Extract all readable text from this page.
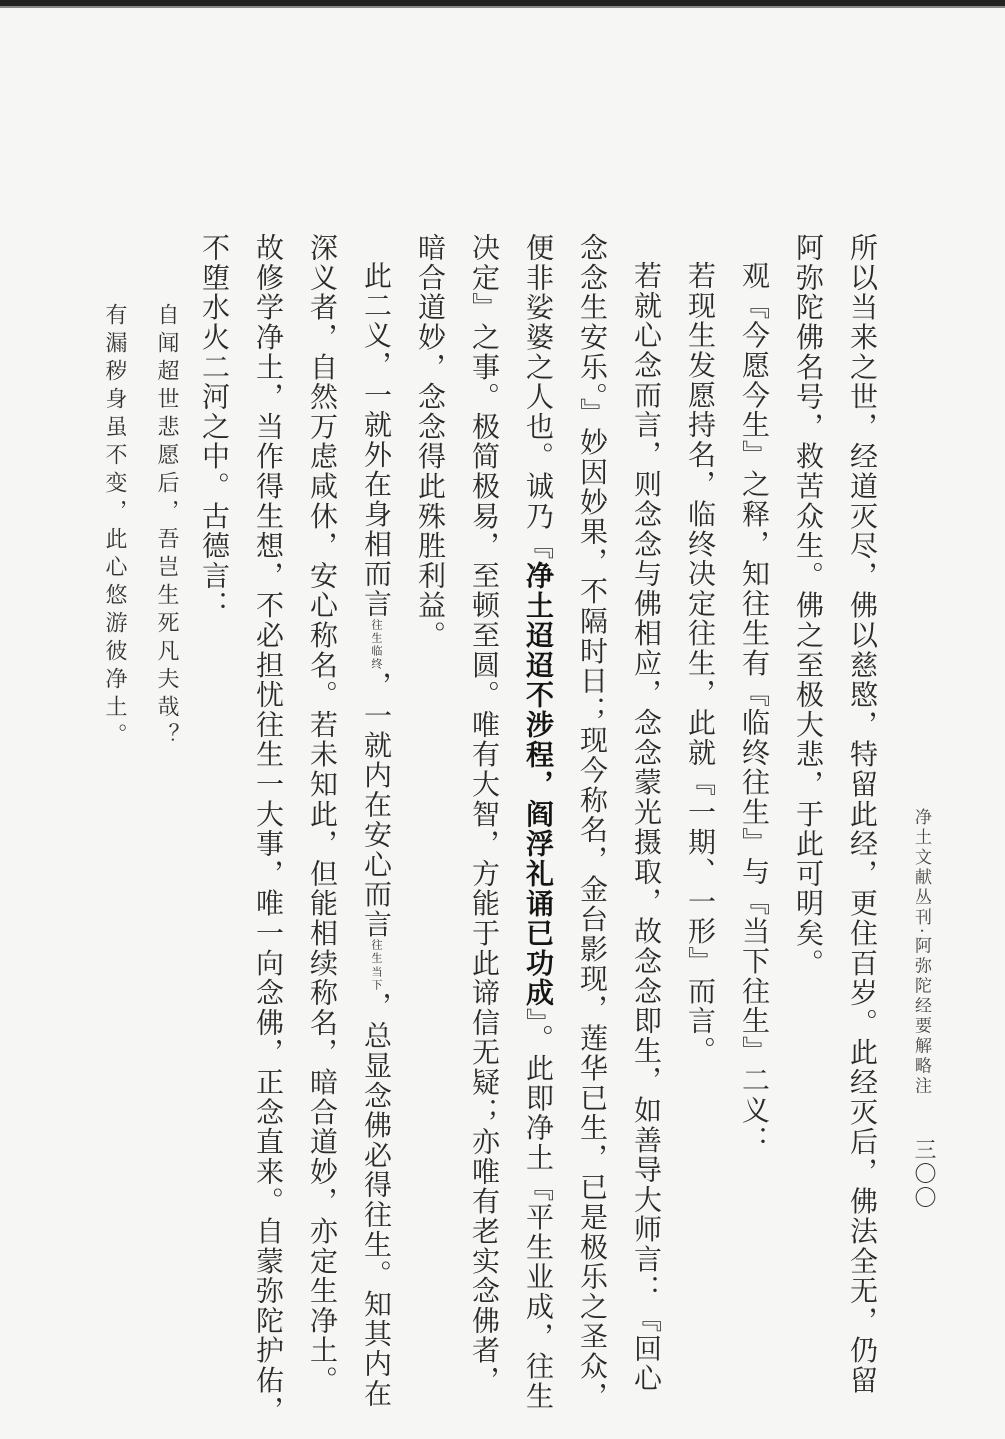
净土文献丛刊·阿弥陀经要解略注
三〇〇
所以当来之世，经道灭尽，佛以慈愍，特留此经，更住百岁。此经灭后，佛法全无，仍留
阿弥陀佛名号，救苦众生。佛之至极大悲，于此可明矣。
观『今愿今生』之释，知往生有『临终往生』与『当下往生』二义：
若现生发愿持名，临终决定往生，此就『一期、一形』而言。
若就心念而言，则念念与佛相应，念念蒙光摄取，故念念即生，如善导大师言：『回心
念念生安乐。』妙因妙果，不隔时日；现今称名，金台影现，莲华已生，已是极乐之圣众，
便非娑婆之人也。诚乃『净土迢迢不涉程，阎浮礼诵已功成』。此即净土『平生业成，往生
决定』之事。极简极易，至顿至圆。唯有大智，方能于此谛信无疑；亦唯有老实念佛者，
暗合道妙，念念得此殊胜利益。
此二义，一就外在身相而言
临终
往生
，一就内在安心而言
当下
往生
，总显念佛必得往生。知其内在
深义者，自然万虑咸休，安心称名。若未知此，但能相续称名，暗合道妙，亦定生净土。
故修学净土，当作得生想，不必担忧往生一大事，唯一向念佛，正念直来。自蒙弥陀护佑，
不堕水火二河之中。古德言：
自闻超世悲愿后，吾岂生死凡夫哉？
有漏秽身虽不变，此心悠游彼净土。
